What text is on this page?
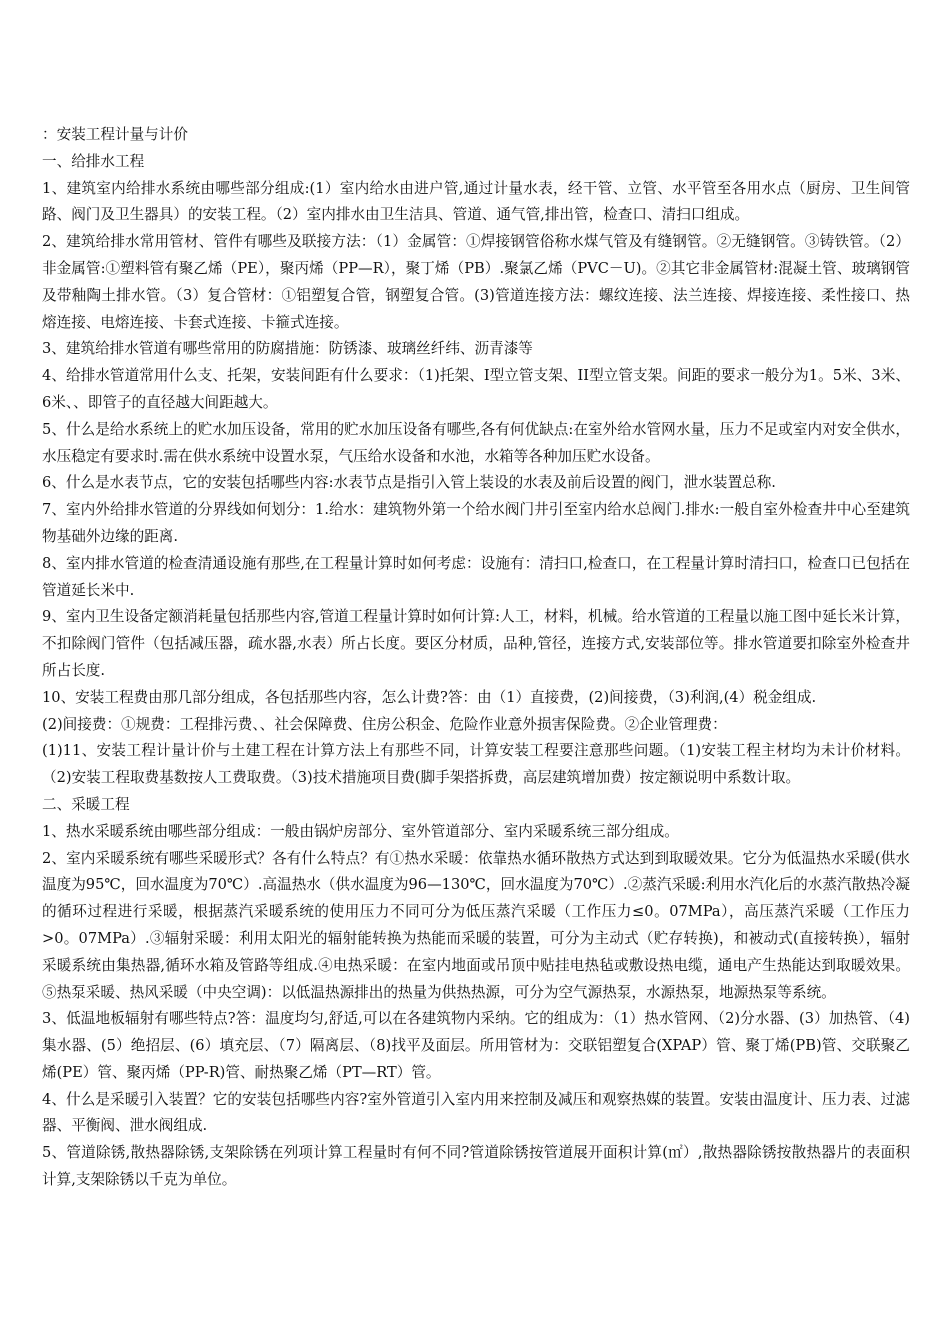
：安装工程计量与计价

一、给排水工程

1、建筑室内给排水系统由哪些部分组成:(1）室内给水由进户管,通过计量水表，经干管、立管、水平管至各用水点（厨房、卫生间管路、阀门及卫生器具）的安装工程。（2）室内排水由卫生洁具、管道、通气管,排出管，检查口、清扫口组成。

2、建筑给排水常用管材、管件有哪些及联接方法：（1）金属管：①焊接钢管俗称水煤气管及有缝钢管。②无缝钢管。③铸铁管。（2）非金属管:①塑料管有聚乙烯（PE），聚丙烯（PP—R），聚丁烯（PB）.聚氯乙烯（PVC－U)。②其它非金属管材:混凝土管、玻璃钢管及带釉陶土排水管。（3）复合管材：①铝塑复合管，钢塑复合管。(3)管道连接方法：螺纹连接、法兰连接、焊接连接、柔性接口、热熔连接、电熔连接、卡套式连接、卡箍式连接。

3、建筑给排水管道有哪些常用的防腐措施：防锈漆、玻璃丝纤纬、沥青漆等

4、给排水管道常用什么支、托架，安装间距有什么要求：（1)托架、I型立管支架、II型立管支架。间距的要求一般分为1。5米、3米、6米、、即管子的直径越大间距越大。

5、什么是给水系统上的贮水加压设备，常用的贮水加压设备有哪些,各有何优缺点:在室外给水管网水量，压力不足或室内对安全供水，水压稳定有要求时.需在供水系统中设置水泵，气压给水设备和水池，水箱等各种加压贮水设备。

6、什么是水表节点，它的安装包括哪些内容:水表节点是指引入管上装设的水表及前后设置的阀门，泄水装置总称.

7、室内外给排水管道的分界线如何划分：1.给水：建筑物外第一个给水阀门井引至室内给水总阀门.排水:一般自室外检查井中心至建筑物基础外边缘的距离.

8、室内排水管道的检查清通设施有那些,在工程量计算时如何考虑：设施有：清扫口,检查口，在工程量计算时清扫口，检查口已包括在管道延长米中.

9、室内卫生设备定额消耗量包括那些内容,管道工程量计算时如何计算:人工，材料，机械。给水管道的工程量以施工图中延长米计算，不扣除阀门管件（包括减压器，疏水器,水表）所占长度。要区分材质，品种,管径，连接方式,安装部位等。排水管道要扣除室外检查井所占长度.

10、安装工程费由那几部分组成，各包括那些内容，怎么计费?答：由（1）直接费，(2)间接费，（3)利润,(4）税金组成.

(2)间接费：①规费：工程排污费、、社会保障费、住房公积金、危险作业意外损害保险费。②企业管理费：

(1)11、安装工程计量计价与土建工程在计算方法上有那些不同，计算安装工程要注意那些问题。（1)安装工程主材均为未计价材料。（2)安装工程取费基数按人工费取费。（3)技术措施项目费(脚手架搭拆费，高层建筑增加费）按定额说明中系数计取。

二、采暖工程

1、热水采暖系统由哪些部分组成：一般由锅炉房部分、室外管道部分、室内采暖系统三部分组成。

2、室内采暖系统有哪些采暖形式？各有什么特点？有①热水采暖：依靠热水循环散热方式达到到取暖效果。它分为低温热水采暖(供水温度为95℃，回水温度为70℃）.高温热水（供水温度为96—130℃，回水温度为70℃）.②蒸汽采暖:利用水汽化后的水蒸汽散热冷凝的循环过程进行采暖，根据蒸汽采暖系统的使用压力不同可分为低压蒸汽采暖（工作压力≤0。07MPa），高压蒸汽采暖（工作压力>0。07MPa）.③辐射采暖：利用太阳光的辐射能转换为热能而采暖的装置，可分为主动式（贮存转换)，和被动式(直接转换），辐射采暖系统由集热器,循环水箱及管路等组成.④电热采暖：在室内地面或吊顶中贴挂电热毡或敷设热电缆，通电产生热能达到取暖效果。⑤热泵采暖、热风采暖（中央空调)：以低温热源排出的热量为供热热源，可分为空气源热泵，水源热泵，地源热泵等系统。

3、低温地板辐射有哪些特点?答：温度均匀,舒适,可以在各建筑物内采纳。它的组成为：（1）热水管网、（2)分水器、(3）加热管、（4)集水器、(5）绝招层、(6）填充层、（7）隔离层、（8)找平及面层。所用管材为：交联铝塑复合(XPAP）管、聚丁烯(PB)管、交联聚乙烯(PE）管、聚丙烯（PP-R)管、耐热聚乙烯（PT—RT）管。

4、什么是采暖引入装置？它的安装包括哪些内容?室外管道引入室内用来控制及减压和观察热媒的装置。安装由温度计、压力表、过滤器、平衡阀、泄水阀组成.

5、管道除锈,散热器除锈,支架除锈在列项计算工程量时有何不同?管道除锈按管道展开面积计算(㎡）,散热器除锈按散热器片的表面积计算,支架除锈以千克为单位。
